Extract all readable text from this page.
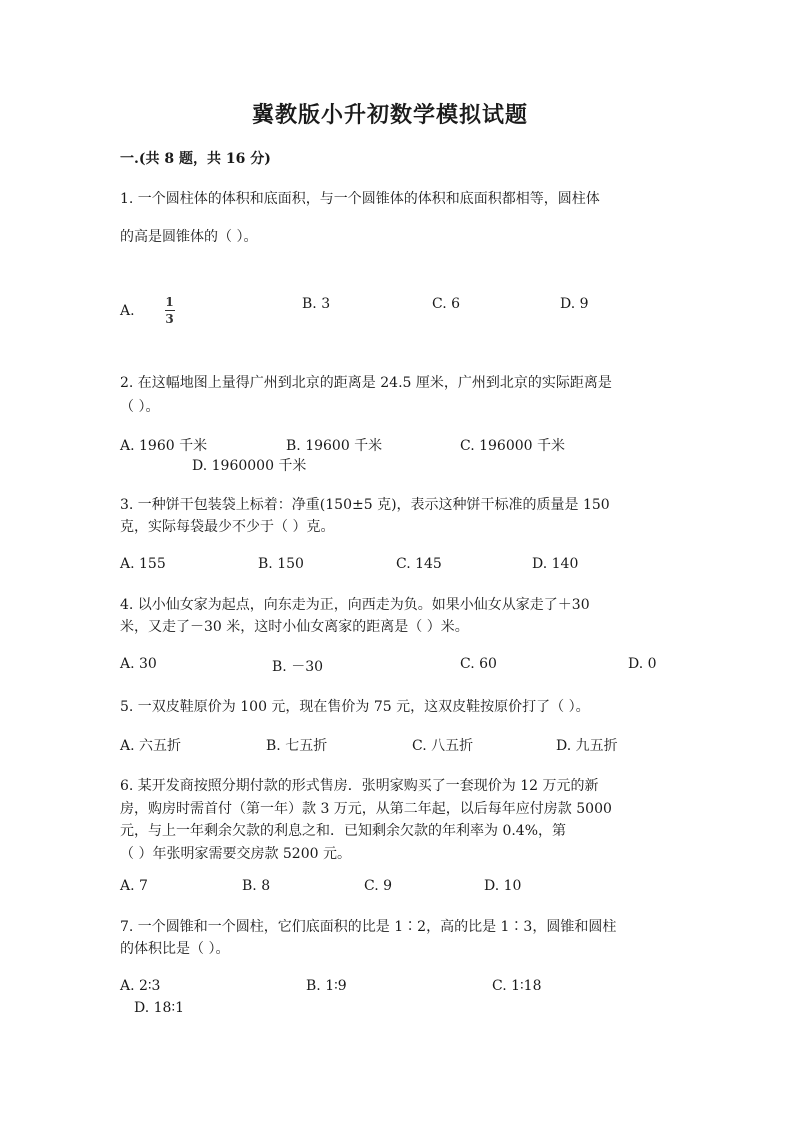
冀教版小升初数学模拟试题
一.(共 8 题，共 16 分)
1. 一个圆柱体的体积和底面积，与一个圆锥体的体积和底面积都相等，圆柱体
的高是圆锥体的（ ）。
A.	$\frac{1}{3}$	B. 3	C. 6	D. 9
2. 在这幅地图上量得广州到北京的距离是 24.5 厘米，广州到北京的实际距离是
（ ）。
A. 1960 千米	B. 19600 千米	C. 196000 千米
D. 1960000 千米
3. 一种饼干包装袋上标着：净重(150±5 克)，表示这种饼干标准的质量是 150
克，实际每袋最少不少于（ ）克。
A. 155	B. 150	C. 145	D. 140
4. 以小仙女家为起点，向东走为正，向西走为负。如果小仙女从家走了＋30
米，又走了－30 米，这时小仙女离家的距离是（ ）米。
A. 30	B. －30	C. 60	D. 0
5. 一双皮鞋原价为 100 元，现在售价为 75 元，这双皮鞋按原价打了（ ）。
A. 六五折	B. 七五折	C. 八五折	D. 九五折
6. 某开发商按照分期付款的形式售房．张明家购买了一套现价为 12 万元的新
房，购房时需首付（第一年）款 3 万元，从第二年起，以后每年应付房款 5000
元，与上一年剩余欠款的利息之和．已知剩余欠款的年利率为 0.4%，第
（ ）年张明家需要交房款 5200 元。
A. 7	B. 8	C. 9	D. 10
7. 一个圆锥和一个圆柱，它们底面积的比是 1∶2，高的比是 1∶3，圆锥和圆柱
的体积比是（ ）。
A. 2∶3	B. 1∶9	C. 1∶18
D. 18∶1
